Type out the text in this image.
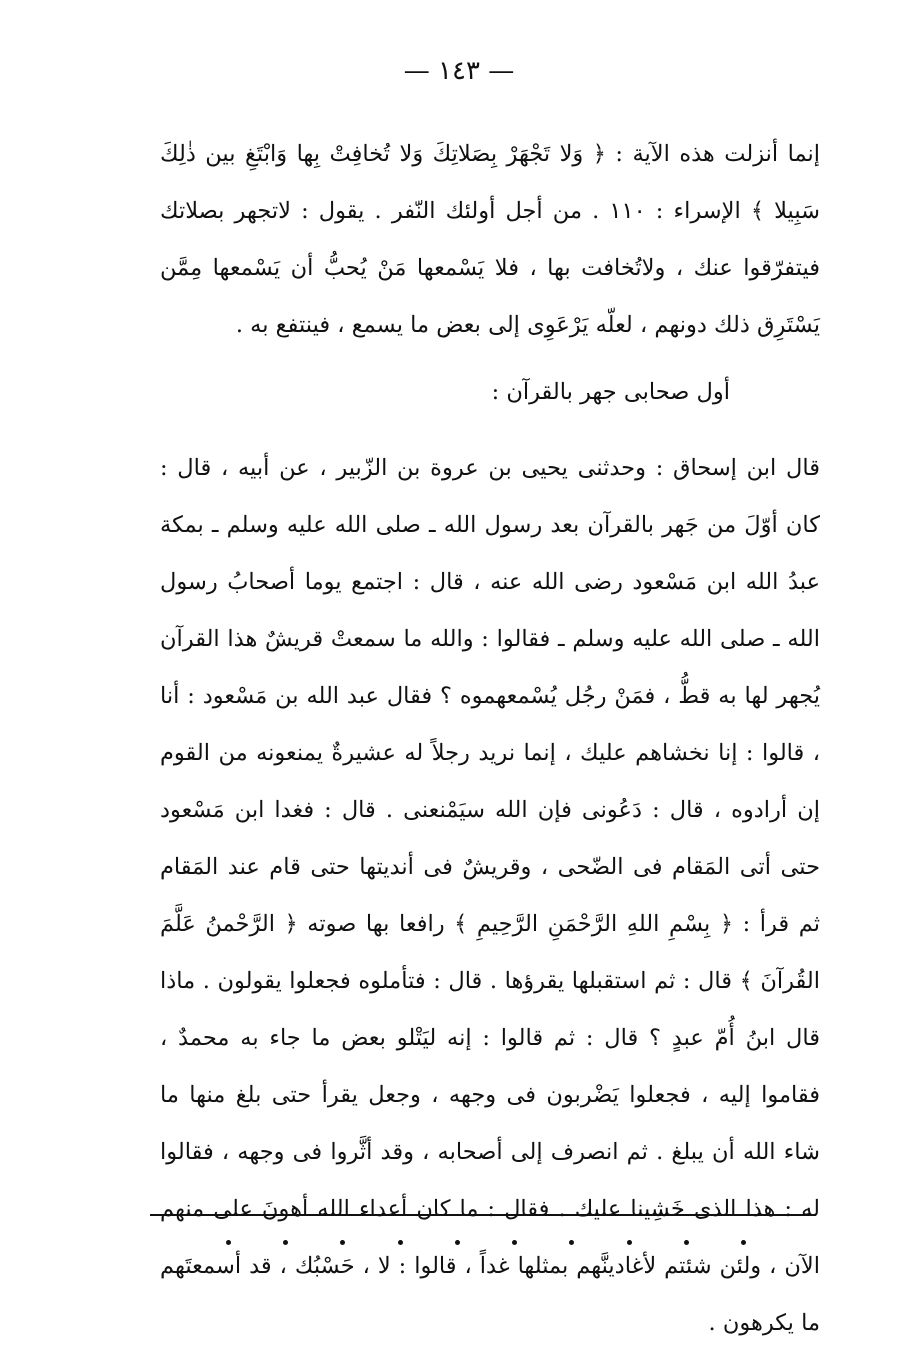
— ١٤٣ —

إنما أنزلت هذه الآية : ﴿ وَلا تَجْهَرْ بِصَلاتِكَ وَلا تُخافِتْ بِها وَابْتَغِ بين ذٰلِكَ سَبِيلا ﴾ الإسراء : ١١٠ . من أجل أولئك النّفر . يقول : لاتجهر بصلاتك فيتفرّقوا عنك ، ولاتُخافت بها ، فلا يَسْمعها مَنْ يُحبُّ أن يَسْمعها مِمَّن يَسْتَرِق ذلك دونهم ، لعلّه يَرْعَوِى إلى بعض ما يسمع ، فينتفع به .

أول صحابى جهر بالقرآن :

قال ابن إسحاق : وحدثنى يحيى بن عروة بن الزّبير ، عن أبيه ، قال : كان أوّلَ من جَهر بالقرآن بعد رسول الله ـ صلى الله عليه وسلم ـ بمكة عبدُ الله ابن مَسْعود رضى الله عنه ، قال : اجتمع يوما أصحابُ رسول الله ـ صلى الله عليه وسلم ـ فقالوا : والله ما سمعتْ قريشٌ هذا القرآن يُجهر لها به قطُّ ، فمَنْ رجُل يُسْمعهموه ؟ فقال عبد الله بن مَسْعود : أنا ، قالوا : إنا نخشاهم عليك ، إنما نريد رجلاً له عشيرةٌ يمنعونه من القوم إن أرادوه ، قال : دَعُونى فإن الله سيَمْنعنى . قال : فغدا ابن مَسْعود حتى أتى المَقام فى الضّحى ، وقريشٌ فى أنديتها حتى قام عند المَقام ثم قرأ : ﴿ بِسْمِ اللهِ الرَّحْمَنِ الرَّحِيمِ ﴾ رافعا بها صوته ﴿ الرَّحْمنُ عَلَّمَ القُرآنَ ﴾ قال : ثم استقبلها يقرؤها . قال : فتأملوه فجعلوا يقولون . ماذا قال ابنُ أُمّ عبدٍ ؟ قال : ثم قالوا : إنه ليَتْلو بعض ما جاء به محمدٌ ، فقاموا إليه ، فجعلوا يَضْربون فى وجهه ، وجعل يقرأ حتى بلغ منها ما شاء الله أن يبلغ . ثم انصرف إلى أصحابه ، وقد أثَّروا فى وجهه ، فقالوا له : هذا الذى خَشِينا عليك . فقال : ما كان أعداء الله أهونَ على منهم الآن ، ولئن شئتم لأغادينَّهم بمثلها غداً ، قالوا : لا ، حَسْبُك ، قد أسمعتَهم ما يكرهون .
